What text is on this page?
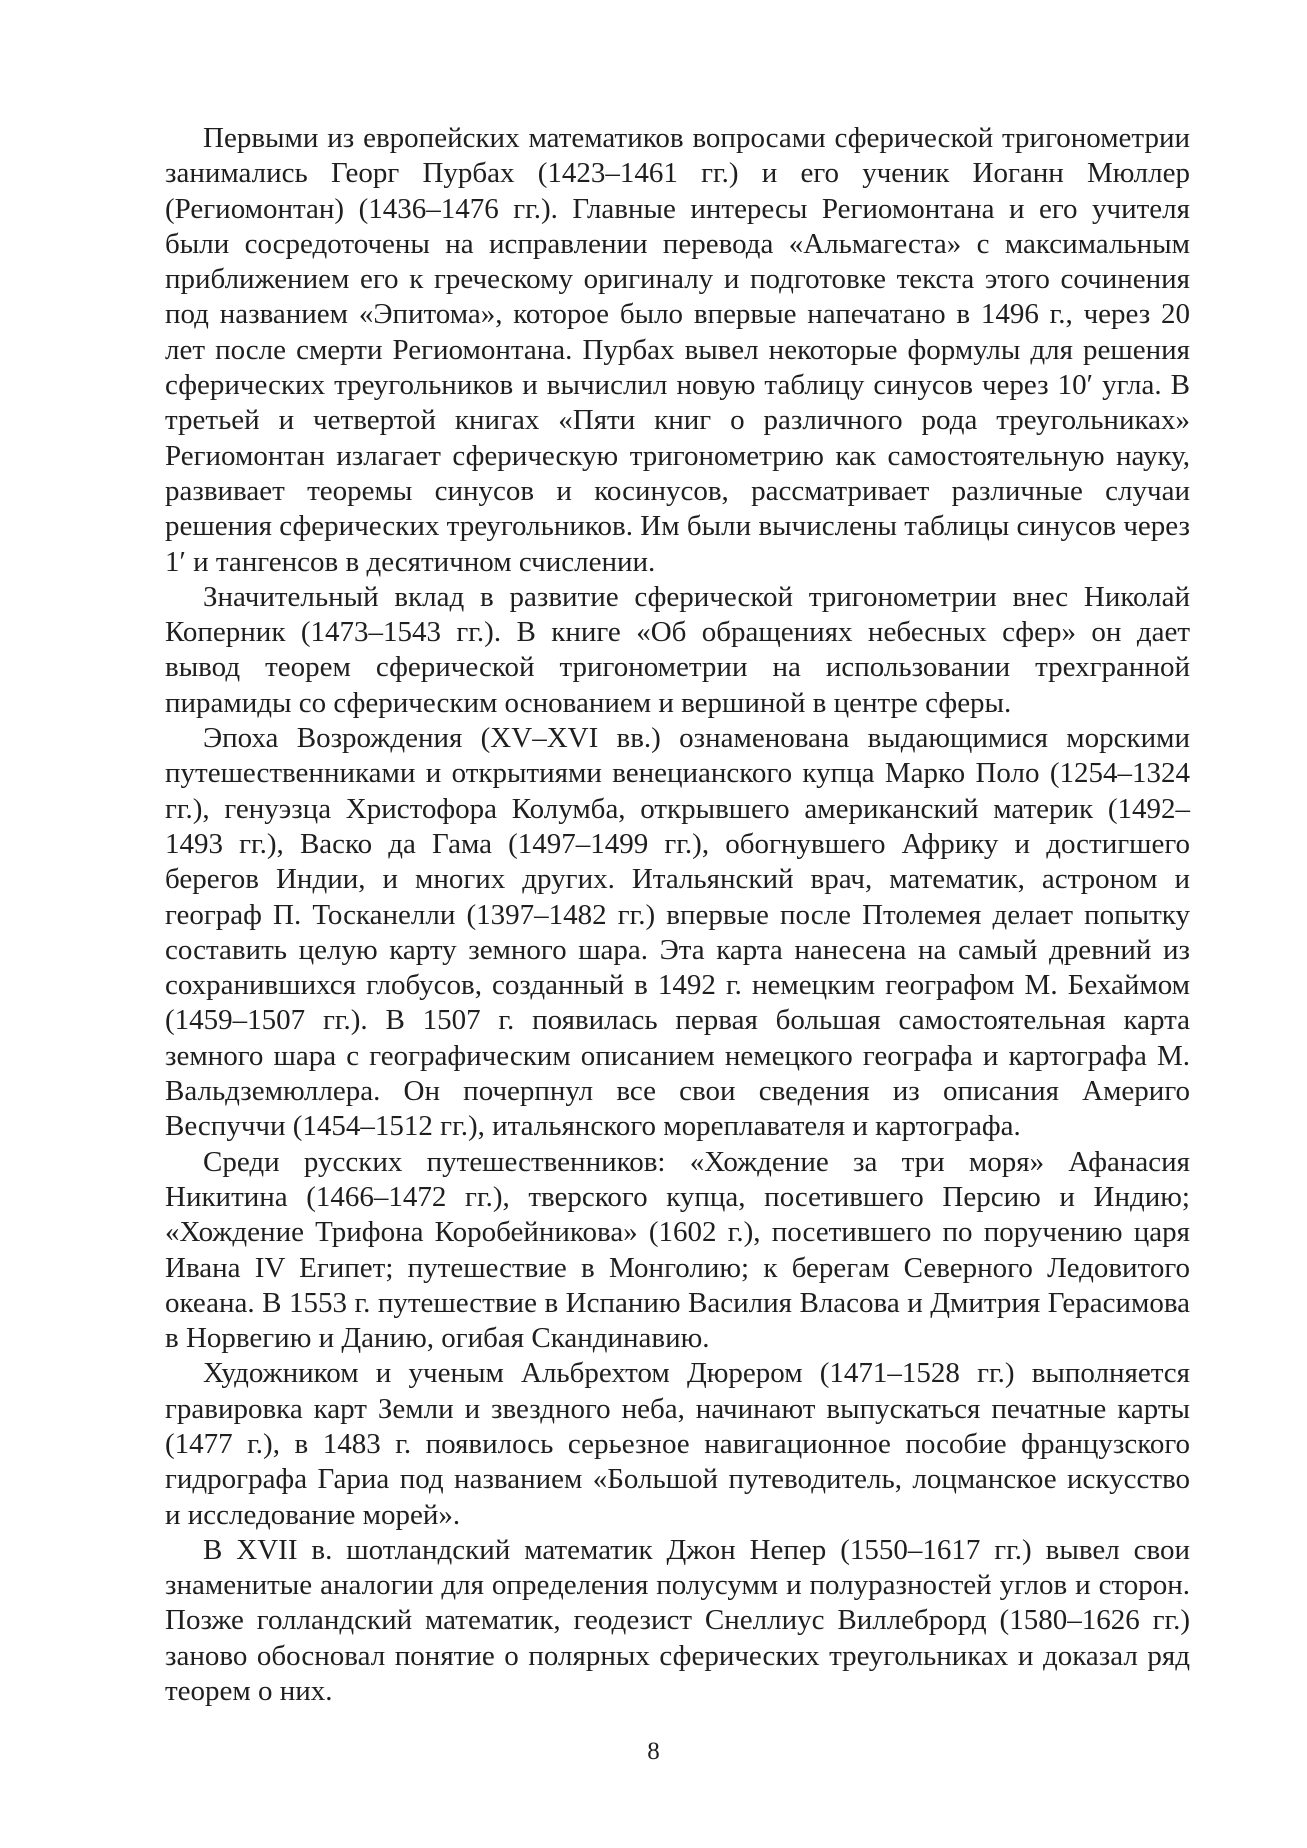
Первыми из европейских математиков вопросами сферической тригонометрии занимались Георг Пурбах (1423–1461 гг.) и его ученик Иоганн Мюллер (Региомонтан) (1436–1476 гг.). Главные интересы Региомонтана и его учителя были сосредоточены на исправлении перевода «Альмагеста» с максимальным приближением его к греческому оригиналу и подготовке текста этого сочинения под названием «Эпитома», которое было впервые напечатано в 1496 г., через 20 лет после смерти Региомонтана. Пурбах вывел некоторые формулы для решения сферических треугольников и вычислил новую таблицу синусов через 10′ угла. В третьей и четвертой книгах «Пяти книг о различного рода треугольниках» Региомонтан излагает сферическую тригонометрию как самостоятельную науку, развивает теоремы синусов и косинусов, рассматривает различные случаи решения сферических треугольников. Им были вычислены таблицы синусов через 1′ и тангенсов в десятичном счислении.

Значительный вклад в развитие сферической тригонометрии внес Николай Коперник (1473–1543 гг.). В книге «Об обращениях небесных сфер» он дает вывод теорем сферической тригонометрии на использовании трехгранной пирамиды со сферическим основанием и вершиной в центре сферы.

Эпоха Возрождения (XV–XVI вв.) ознаменована выдающимися морскими путешественниками и открытиями венецианского купца Марко Поло (1254–1324 гг.), генуэзца Христофора Колумба, открывшего американский материк (1492–1493 гг.), Васко да Гама (1497–1499 гг.), обогнувшего Африку и достигшего берегов Индии, и многих других. Итальянский врач, математик, астроном и географ П. Тосканелли (1397–1482 гг.) впервые после Птолемея делает попытку составить целую карту земного шара. Эта карта нанесена на самый древний из сохранившихся глобусов, созданный в 1492 г. немецким географом М. Бехаймом (1459–1507 гг.). В 1507 г. появилась первая большая самостоятельная карта земного шара с географическим описанием немецкого географа и картографа М. Вальдземюллера. Он почерпнул все свои сведения из описания Америго Веспуччи (1454–1512 гг.), итальянского мореплавателя и картографа.

Среди русских путешественников: «Хождение за три моря» Афанасия Никитина (1466–1472 гг.), тверского купца, посетившего Персию и Индию; «Хождение Трифона Коробейникова» (1602 г.), посетившего по поручению царя Ивана IV Египет; путешествие в Монголию; к берегам Северного Ледовитого океана. В 1553 г. путешествие в Испанию Василия Власова и Дмитрия Герасимова в Норвегию и Данию, огибая Скандинавию.

Художником и ученым Альбрехтом Дюрером (1471–1528 гг.) выполняется гравировка карт Земли и звездного неба, начинают выпускаться печатные карты (1477 г.), в 1483 г. появилось серьезное навигационное пособие французского гидрографа Гариа под названием «Большой путеводитель, лоцманское искусство и исследование морей».

В XVII в. шотландский математик Джон Непер (1550–1617 гг.) вывел свои знаменитые аналогии для определения полусумм и полуразностей углов и сторон. Позже голландский математик, геодезист Снеллиус Виллеброрд (1580–1626 гг.) заново обосновал понятие о полярных сферических треугольниках и доказал ряд теорем о них.

8
